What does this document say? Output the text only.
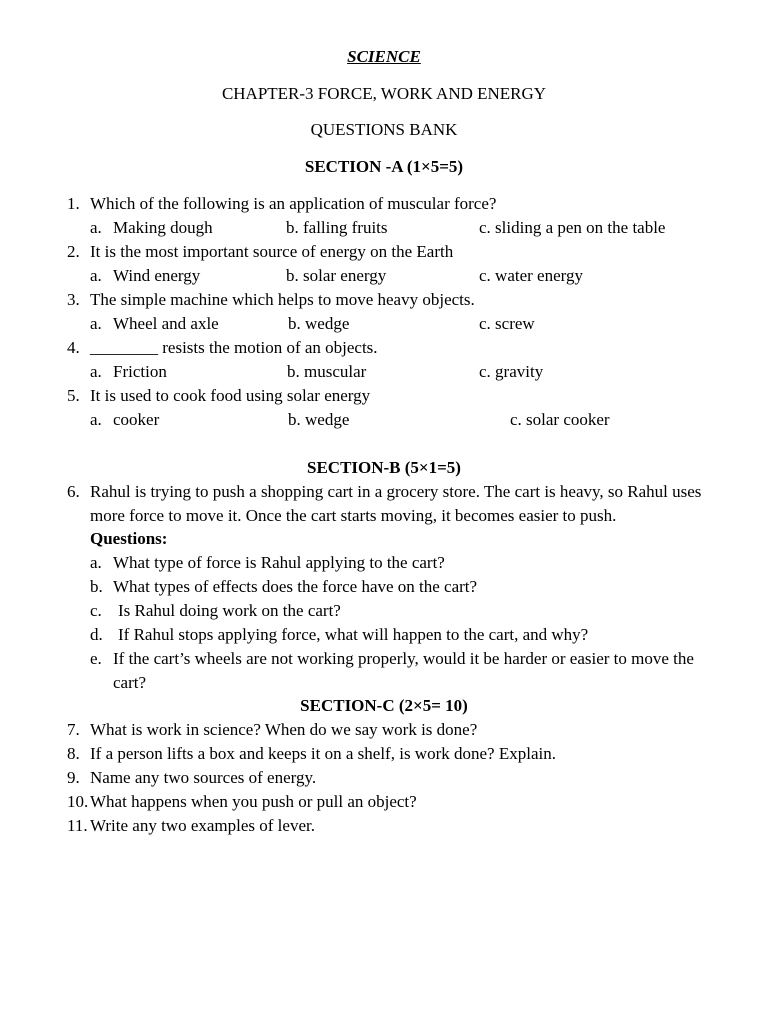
SCIENCE
CHAPTER-3 FORCE, WORK AND ENERGY
QUESTIONS BANK
SECTION -A (1×5=5)
1. Which of the following is an application of muscular force?
a. Making dough	b. falling fruits	c. sliding a pen on the table
2. It is the most important source of energy on the Earth
a. Wind energy	b. solar energy	c. water energy
3. The simple machine which helps to move heavy objects.
a. Wheel and axle	b. wedge	c. screw
4. ________ resists the motion of an objects.
a. Friction	b. muscular	c. gravity
5. It is used to cook food using solar energy
a. cooker	b. wedge	c. solar cooker
SECTION-B (5×1=5)
6. Rahul is trying to push a shopping cart in a grocery store. The cart is heavy, so Rahul uses more force to move it. Once the cart starts moving, it becomes easier to push.
Questions:
a. What type of force is Rahul applying to the cart?
b. What types of effects does the force have on the cart?
c. Is Rahul doing work on the cart?
d. If Rahul stops applying force, what will happen to the cart, and why?
e. If the cart’s wheels are not working properly, would it be harder or easier to move the cart?
SECTION-C (2×5= 10)
7. What is work in science? When do we say work is done?
8. If a person lifts a box and keeps it on a shelf, is work done? Explain.
9. Name any two sources of energy.
10. What happens when you push or pull an object?
11. Write any two examples of lever.
